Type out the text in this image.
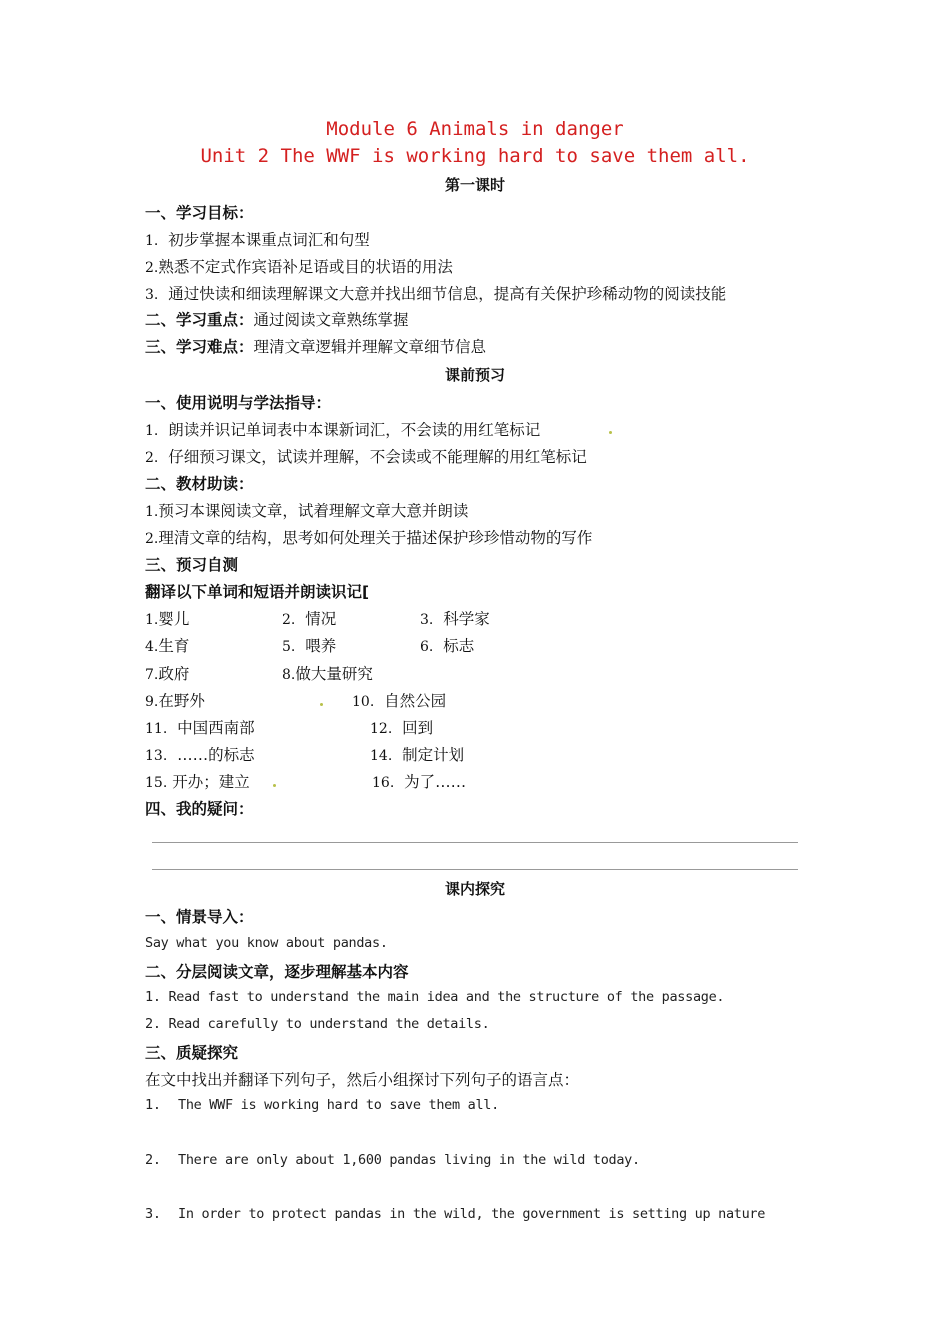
Module 6 Animals in danger
Unit 2 The WWF is working hard to save them all.
第一课时
一、学习目标：
1. 初步掌握本课重点词汇和句型
2.熟悉不定式作宾语补足语或目的状语的用法
3. 通过快读和细读理解课文大意并找出细节信息，提高有关保护珍稀动物的阅读技能
二、学习重点：通过阅读文章熟练掌握
三、学习难点：理清文章逻辑并理解文章细节信息
课前预习
一、使用说明与学法指导：
1. 朗读并识记单词表中本课新词汇，不会读的用红笔标记
2. 仔细预习课文，试读并理解，不会读或不能理解的用红笔标记
二、教材助读：
1.预习本课阅读文章，试着理解文章大意并朗读
2.理清文章的结构，思考如何处理关于描述保护珍珍惜动物的写作
三、预习自测
翻译以下单词和短语并朗读识记[
1.婴儿	2. 情况	3. 科学家
4.生育	5. 喂养	6. 标志
7.政府	8.做大量研究
9.在野外	10. 自然公园
11. 中国西南部	12. 回到
13. ……的标志	14. 制定计划
15. 开办；建立	16. 为了……
四、我的疑问：
课内探究
一、情景导入：
Say what you know about pandas.
二、分层阅读文章，逐步理解基本内容
1. Read fast to understand the main idea and the structure of the passage.
2. Read carefully to understand the details.
三、质疑探究
在文中找出并翻译下列句子，然后小组探讨下列句子的语言点：
1. The WWF is working hard to save them all.
2. There are only about 1,600 pandas living in the wild today.
3. In order to protect pandas in the wild, the government is setting up nature
